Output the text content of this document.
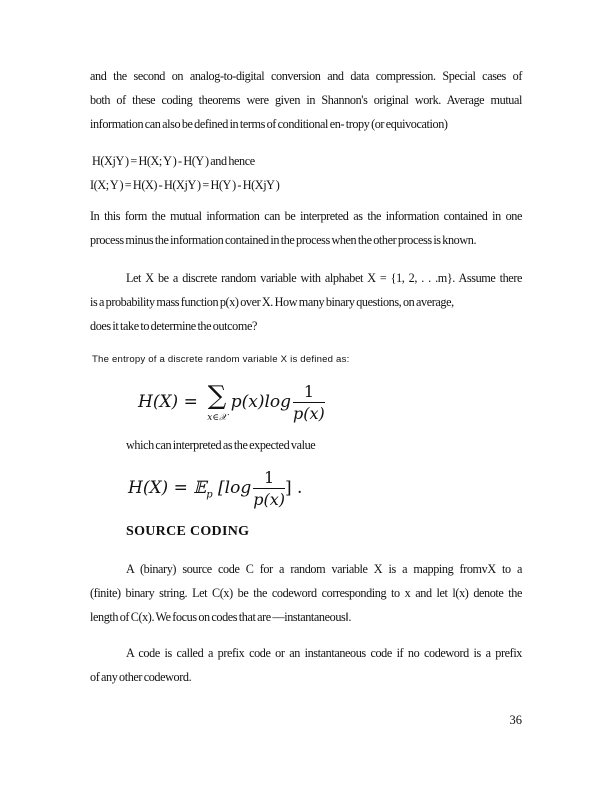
and the second on analog-to-digital conversion and data compression. Special cases of
both of these coding theorems were given in Shannon's original work. Average mutual
information can also be defined in terms of conditional en- tropy (or equivocation)
H(XjY ) = H(X; Y ) - H(Y ) and hence
I(X; Y ) = H(X) - H(XjY ) = H(Y ) - H(XjY )
In this form the mutual information can be interpreted as the information contained in one
process minus the information contained in the process when the other process is known.
Let X be a discrete random variable with alphabet X = {1, 2, . . .m}. Assume there
is a probability mass function p(x) over X. How many binary questions, on average,
does it take to determine the outcome?
The entropy of a discrete random variable X is defined as:
H(X) = ∑
x∈𝒳
$p(x)\log \frac{1}{p(x)}$
which can interpreted as the expected value
H(X) = 𝔼$_p$ [$\log \frac{1}{p(x)}$ ] .
SOURCE CODING
A (binary) source code C for a random variable X is a mapping fromvX to a
(finite) binary string. Let C(x) be the codeword corresponding to x and let l(x) denote the
length of C(x). We focus on codes that are —instantaneous‖.
A code is called a prefix code or an instantaneous code if no codeword is a prefix
of any other codeword.
36
